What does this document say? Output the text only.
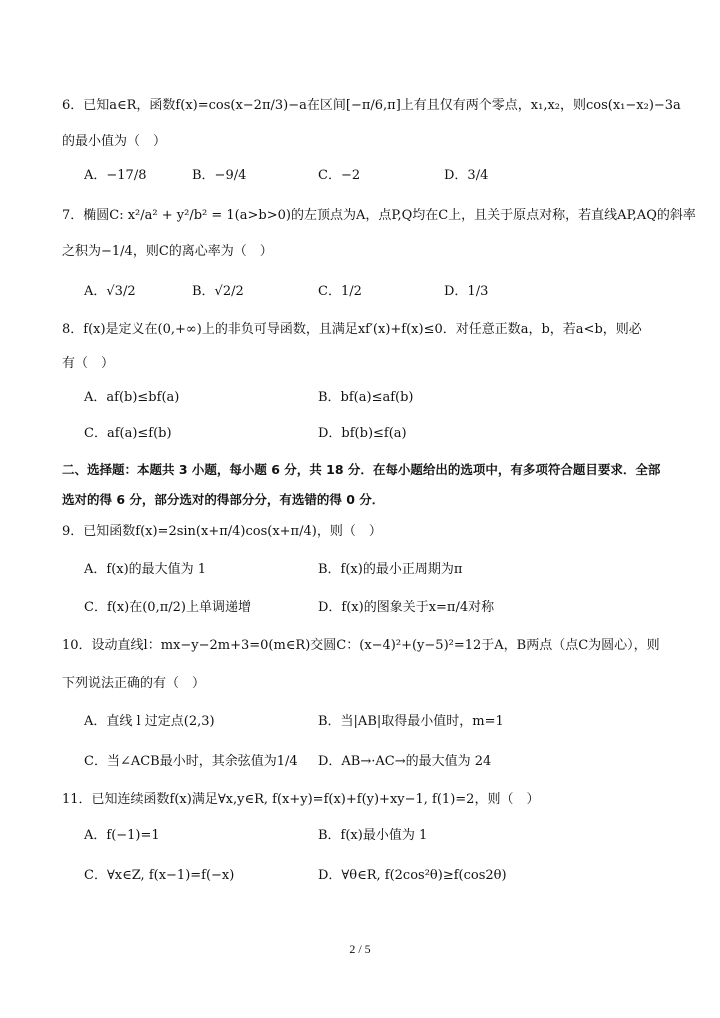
6．已知a∈R，函数f(x)=cos(x−2π/3)−a在区间[−π/6,π]上有且仅有两个零点，x₁,x₂，则cos(x₁−x₂)−3a
的最小值为（　）
A．−17/8	B．−9/4	C．−2	D．3/4
7．椭圆C: x²/a² + y²/b² = 1(a>b>0)的左顶点为A，点P,Q均在C上，且关于原点对称，若直线AP,AQ的斜率
之积为−1/4，则C的离心率为（　）
A．√3/2	B．√2/2	C．1/2	D．1/3
8．f(x)是定义在(0,+∞)上的非负可导函数，且满足xf′(x)+f(x)≤0．对任意正数a，b，若a<b，则必
有（　）
A．af(b)≤bf(a)	B．bf(a)≤af(b)
C．af(a)≤f(b)	D．bf(b)≤f(a)
二、选择题：本题共 3 小题，每小题 6 分，共 18 分．在每小题给出的选项中，有多项符合题目要求．全部
选对的得 6 分，部分选对的得部分分，有选错的得 0 分．
9．已知函数f(x)=2sin(x+π/4)cos(x+π/4)，则（　）
A．f(x)的最大值为 1	B．f(x)的最小正周期为π
C．f(x)在(0,π/2)上单调递增	D．f(x)的图象关于x=π/4对称
10．设动直线l：mx−y−2m+3=0(m∈R)交圆C：(x−4)²+(y−5)²=12于A，B两点（点C为圆心），则
下列说法正确的有（　）
A．直线 l 过定点(2,3)	B．当|AB|取得最小值时，m=1
C．当∠ACB最小时，其余弦值为1/4 D．AB→·AC→的最大值为 24
11．已知连续函数f(x)满足∀x,y∈R, f(x+y)=f(x)+f(y)+xy−1, f(1)=2，则（　）
A．f(−1)=1	B．f(x)最小值为 1
C．∀x∈Z, f(x−1)=f(−x)	D．∀θ∈R, f(2cos²θ)≥f(cos2θ)
2 / 5
